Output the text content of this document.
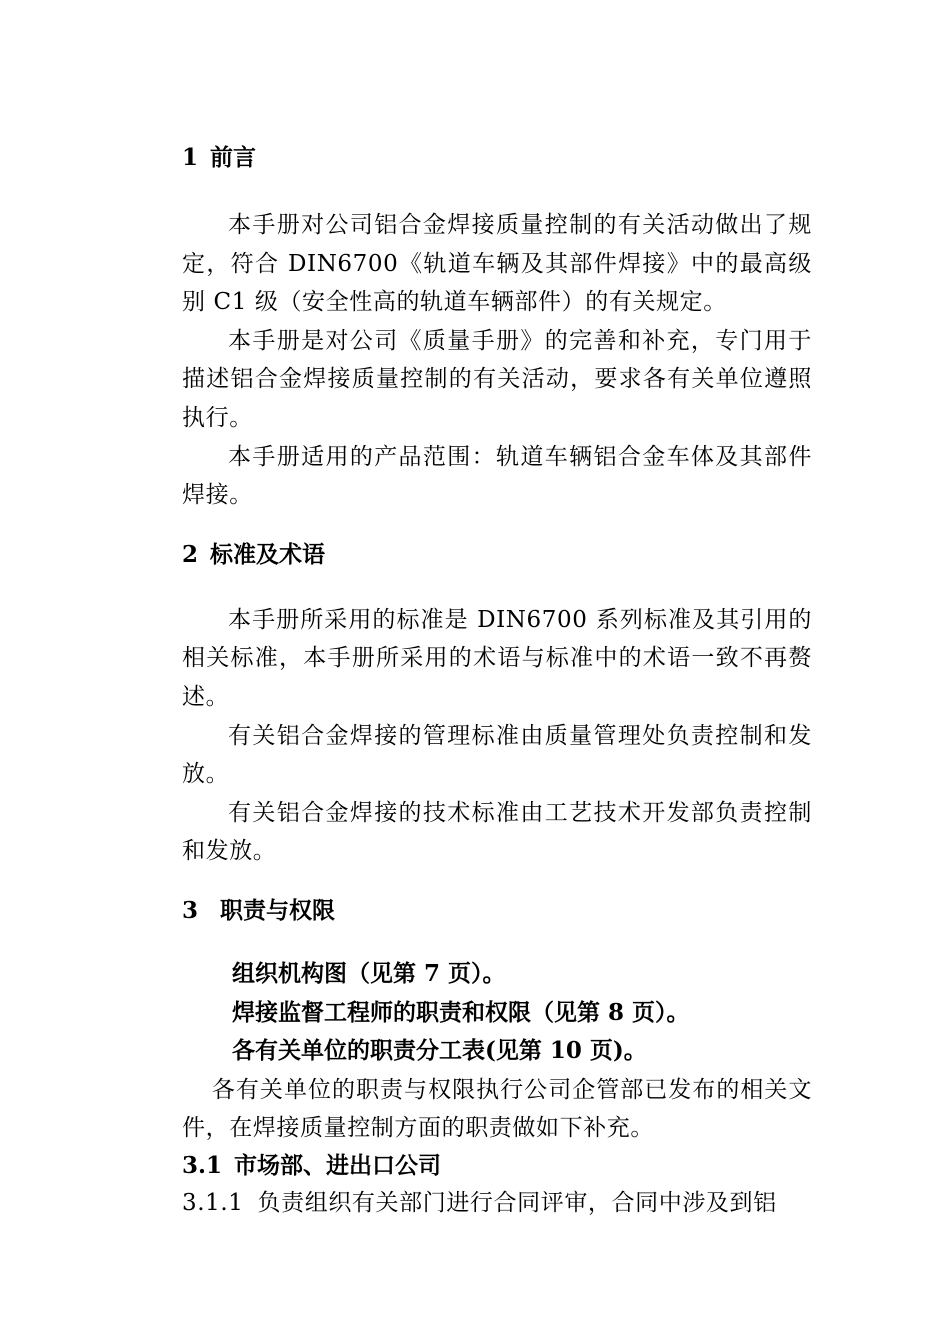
1 前言

本手册对公司铝合金焊接质量控制的有关活动做出了规定，符合 DIN6700《轨道车辆及其部件焊接》中的最高级别 C1 级（安全性高的轨道车辆部件）的有关规定。

本手册是对公司《质量手册》的完善和补充，专门用于描述铝合金焊接质量控制的有关活动，要求各有关单位遵照执行。

本手册适用的产品范围：轨道车辆铝合金车体及其部件焊接。

2 标准及术语

本手册所采用的标准是 DIN6700 系列标准及其引用的相关标准，本手册所采用的术语与标准中的术语一致不再赘述。

有关铝合金焊接的管理标准由质量管理处负责控制和发放。

有关铝合金焊接的技术标准由工艺技术开发部负责控制和发放。

3 职责与权限

组织机构图（见第 7 页）。

焊接监督工程师的职责和权限（见第 8 页）。

各有关单位的职责分工表(见第 10 页)。

各有关单位的职责与权限执行公司企管部已发布的相关文件，在焊接质量控制方面的职责做如下补充。

3.1 市场部、进出口公司

3.1.1 负责组织有关部门进行合同评审，合同中涉及到铝
